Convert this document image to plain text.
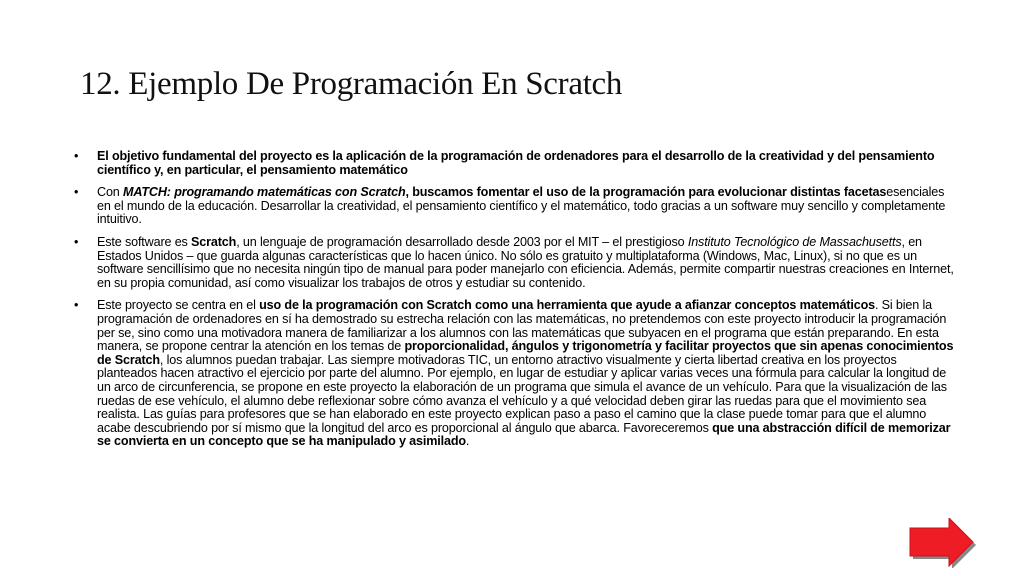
12. Ejemplo De Programación En Scratch
• El objetivo fundamental del proyecto es la aplicación de la programación de ordenadores para el desarrollo de la creatividad y del pensamiento científico y, en particular, el pensamiento matemático
• Con MATCH: programando matemáticas con Scratch, buscamos fomentar el uso de la programación para evolucionar distintas facetasesenciales en el mundo de la educación. Desarrollar la creatividad, el pensamiento científico y el matemático, todo gracias a un software muy sencillo y completamente intuitivo.
• Este software es Scratch, un lenguaje de programación desarrollado desde 2003 por el MIT – el prestigioso Instituto Tecnológico de Massachusetts, en Estados Unidos – que guarda algunas características que lo hacen único. No sólo es gratuito y multiplataforma (Windows, Mac, Linux), si no que es un software sencillísimo que no necesita ningún tipo de manual para poder manejarlo con eficiencia. Además, permite compartir nuestras creaciones en Internet, en su propia comunidad, así como visualizar los trabajos de otros y estudiar su contenido.
• Este proyecto se centra en el uso de la programación con Scratch como una herramienta que ayude a afianzar conceptos matemáticos. Si bien la programación de ordenadores en sí ha demostrado su estrecha relación con las matemáticas, no pretendemos con este proyecto introducir la programación per se, sino como una motivadora manera de familiarizar a los alumnos con las matemáticas que subyacen en el programa que están preparando. En esta manera, se propone centrar la atención en los temas de proporcionalidad, ángulos y trigonometría y facilitar proyectos que sin apenas conocimientos de Scratch, los alumnos puedan trabajar. Las siempre motivadoras TIC, un entorno atractivo visualmente y cierta libertad creativa en los proyectos planteados hacen atractivo el ejercicio por parte del alumno. Por ejemplo, en lugar de estudiar y aplicar varias veces una fórmula para calcular la longitud de un arco de circunferencia, se propone en este proyecto la elaboración de un programa que simula el avance de un vehículo. Para que la visualización de las ruedas de ese vehículo, el alumno debe reflexionar sobre cómo avanza el vehículo y a qué velocidad deben girar las ruedas para que el movimiento sea realista. Las guías para profesores que se han elaborado en este proyecto explican paso a paso el camino que la clase puede tomar para que el alumno acabe descubriendo por sí mismo que la longitud del arco es proporcional al ángulo que abarca. Favoreceremos que una abstracción difícil de memorizar se convierta en un concepto que se ha manipulado y asimilado.
